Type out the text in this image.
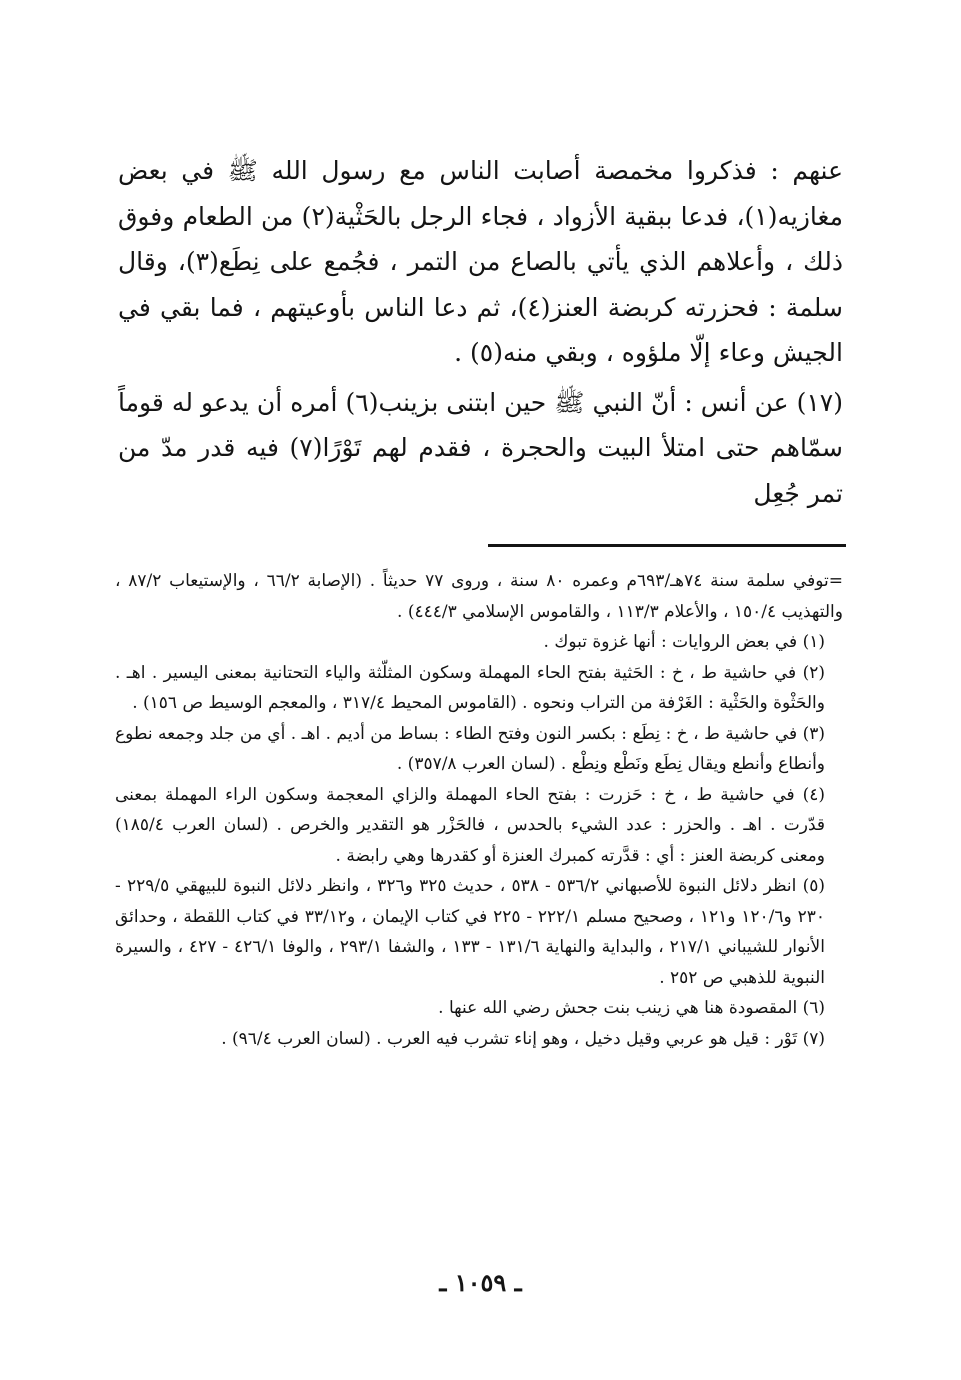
عنهم : فذكروا مخمصة أصابت الناس مع رسول الله ﷺ في بعض مغازيه(١)، فدعا ببقية الأزواد ، فجاء الرجل بالحَثْية(٢) من الطعام وفوق ذلك ، وأعلاهم الذي يأتي بالصاع من التمر ، فجُمع على نِطَع(٣)، وقال سلمة : فحزرته كربضة العنز(٤)، ثم دعا الناس بأوعيتهم ، فما بقي في الجيش وعاء إلّا ملؤوه ، وبقي منه(٥) .

(١٧) عن أنس : أنّ النبي ﷺ حين ابتنى بزينب(٦) أمره أن يدعو له قوماً سمّاهم حتى امتلأ البيت والحجرة ، فقدم لهم تَوْرًا(٧) فيه قدر مدّ من تمر جُعِل

=توفي سلمة سنة ٧٤هـ/٦٩٣م وعمره ٨٠ سنة ، وروى ٧٧ حديثاً . (الإصابة ٦٦/٢ ، والإستيعاب ٨٧/٢ ، والتهذيب ١٥٠/٤ ، والأعلام ١١٣/٣ ، والقاموس الإسلامي ٤٤٤/٣) .

(١) في بعض الروايات : أنها غزوة تبوك .

(٢) في حاشية ط ، خ : الحَثية بفتح الحاء المهملة وسكون المثلّثة والياء التحتانية بمعنى اليسير . اهـ . والحَثْوة والحَثْية : الغَرْفة من التراب ونحوه . (القاموس المحيط ٣١٧/٤ ، والمعجم الوسيط ص ١٥٦) .

(٣) في حاشية ط ، خ : نِطَع : بكسر النون وفتح الطاء : بساط من أديم . اهـ . أي من جلد وجمعه نطوع وأنطاع وأنطع ويقال نِطَع ونَطْع ونِطْع . (لسان العرب ٣٥٧/٨) .

(٤) في حاشية ط ، خ : حَزرت : بفتح الحاء المهملة والزاي المعجمة وسكون الراء المهملة بمعنى قدّرت . اهـ . والحزر : عدد الشيء بالحدس ، فالحَزْر هو التقدير والخرص . (لسان العرب ١٨٥/٤) ومعنى كربضة العنز : أي : قدَّرته كمبرك العنزة أو كقدرها وهي رابضة .

(٥) انظر دلائل النبوة للأصبهاني ٥٣٦/٢ - ٥٣٨ ، حديث ٣٢٥ و٣٢٦ ، وانظر دلائل النبوة للبيهقي ٢٢٩/٥ - ٢٣٠ و١٢٠/٦ و١٢١ ، وصحيح مسلم ٢٢٢/١ - ٢٢٥ في كتاب الإيمان ، و٣٣/١٢ في كتاب اللقطة ، وحدائق الأنوار للشيباني ٢١٧/١ ، والبداية والنهاية ١٣١/٦ - ١٣٣ ، والشفا ٢٩٣/١ ، والوفا ٤٢٦/١ - ٤٢٧ ، والسيرة النبوية للذهبي ص ٢٥٢ .

(٦) المقصودة هنا هي زينب بنت جحش رضي الله عنها .

(٧) تَوْر : قيل هو عربي وقيل دخيل ، وهو إناء تشرب فيه العرب . (لسان العرب ٩٦/٤) .

ـ ١٠٥٩ ـ
